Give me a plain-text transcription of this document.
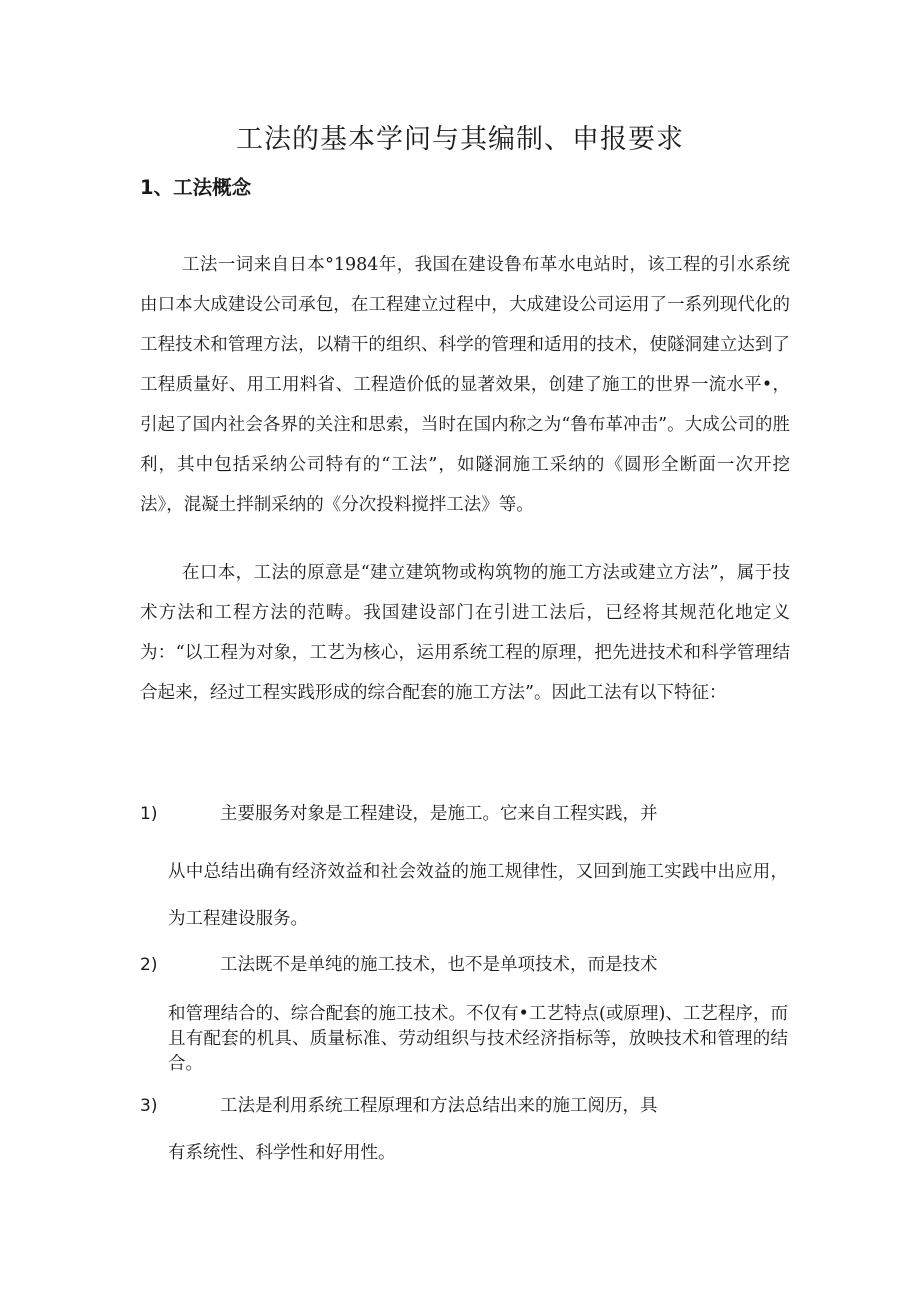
工法的基本学问与其编制、申报要求
1、工法概念

工法一词来自日本°1984年，我国在建设鲁布革水电站时，该工程的引水系统由口本大成建设公司承包，在工程建立过程中，大成建设公司运用了一系列现代化的工程技术和管理方法，以精干的组织、科学的管理和适用的技术，使隧洞建立达到了工程质量好、用工用料省、工程造价低的显著效果，创建了施工的世界一流水平•，引起了国内社会各界的关注和思索，当时在国内称之为“鲁布革冲击”。大成公司的胜利，其中包括采纳公司特有的“工法”，如隧洞施工采纳的《圆形全断面一次开挖法》，混凝土拌制采纳的《分次投料搅拌工法》等。

在口本，工法的原意是“建立建筑物或构筑物的施工方法或建立方法”，属于技术方法和工程方法的范畴。我国建设部门在引进工法后，已经将其规范化地定义为：“以工程为对象，工艺为核心，运用系统工程的原理，把先进技术和科学管理结合起来，经过工程实践形成的综合配套的施工方法”。因此工法有以下特征：

1)	主要服务对象是工程建设，是施工。它来自工程实践，并

从中总结出确有经济效益和社会效益的施工规律性，又回到施工实践中出应用，为工程建设服务。

2)	工法既不是单纯的施工技术，也不是单项技术，而是技术

和管理结合的、综合配套的施工技术。不仅有•工艺特点(或原理)、工艺程序，而且有配套的机具、质量标准、劳动组织与技术经济指标等，放映技术和管理的结合。

3)	工法是利用系统工程原理和方法总结出来的施工阅历，具

有系统性、科学性和好用性。
